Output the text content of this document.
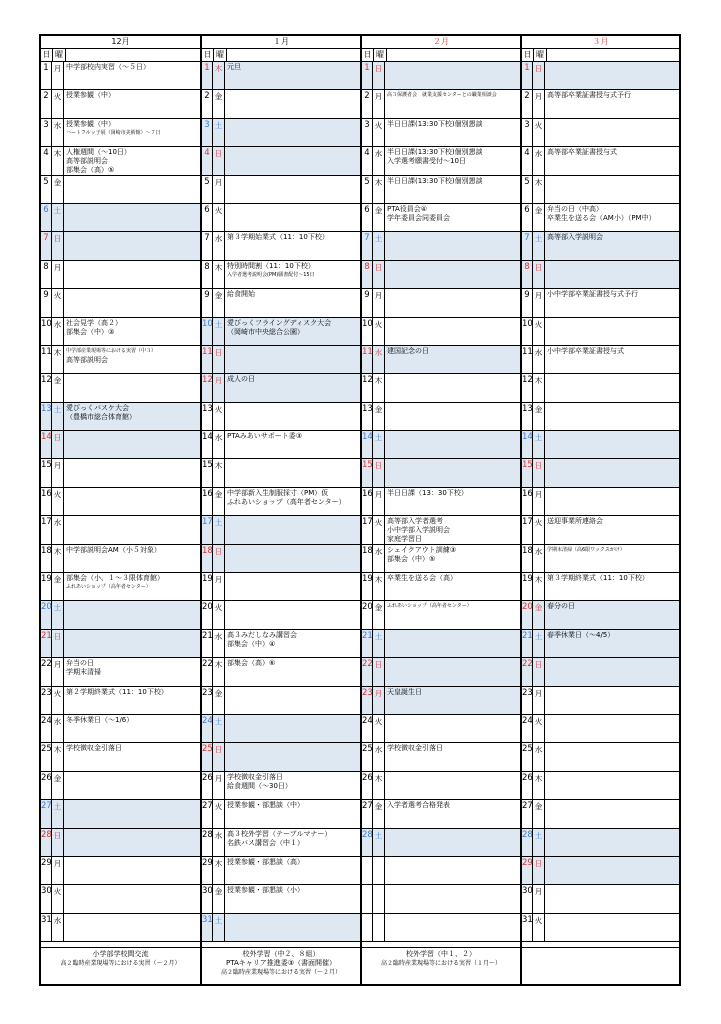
12月
日 曜
1 月 中学部校内実習（～５日）
2 火 授業参観（中）
3 水 授業参観（中）
ハートフルッ子展（岡崎市美術館）～７日
4 木 人権週間（～10日）
高等部説明会
部集会（高）⑤
5 金
6 土
7 日
8 月
9 火
10 水 社会見学（高２）
部集会（中）③
11 木 中学部産業現場等における実習（中３）
高等部説明会
12 金
13 土 愛びっくバスケ大会
（豊橋市総合体育館）
14 日
15 月
16 火
17 水
18 木 中学部説明会AM（小５対象）
19 金 部集会（小、１～３限体育館）
ふれあいショップ（高年者センター）
20 土
21 日
22 月 弁当の日
学期末清掃
23 火 第２学期終業式（11：10下校）
24 水 冬季休業日（～1/6）
25 木 学校徴収金引落日
26 金
27 土
28 日
29 月
30 火
31 水
小学部学校間交流
高２臨時産業現場等における実習（～２月）
１月
日 曜
1 木 元旦
2 金
3 土
4 日
5 月
6 火
7 水 第３学期始業式（11：10下校）
8 木 特別時間割（11：10下校）
入学者選考説明会(PM)願書配付～15日
9 金 給食開始
10 土 愛びっくフライングディスク大会
（岡崎市中央総合公園）
11 日
12 月 成人の日
13 火
14 水 PTAみあいサポート委③
15 木
16 金 中学部新入生制服採寸（PM）仮
ふれあいショップ（高年者センター）
17 土
18 日
19 月
20 火
21 水 高３みだしなみ講習会
部集会（中）④
22 木 部集会（高）⑥
23 金
24 土
25 日
26 月 学校徴収金引落日
給食週間（～30日）
27 火 授業参観・部懇談（中）
28 水 高３校外学習（テーブルマナー）
名鉄バス講習会（中１）
29 木 授業参観・部懇談（高）
30 金 授業参観・部懇談（小）
31 土
校外学習（中２、８組）
PTAキャリア推進委③（書面開催）
高２臨時産業現場等における実習（～２月）
２月
日 曜
1 日
2 月 高３保護者会　就業支援センターとの職業相談会
3 火 半日日課(13:30下校)個別懇談
4 水 半日日課(13:30下校)個別懇談
入学選考願書受付～10日
5 木 半日日課(13:30下校)個別懇談
6 金 PTA役員会④
学年委員会同委員会
7 土
8 日
9 月
10 火
11 水 建国記念の日
12 木
13 金
14 土
15 日
16 月 半日日課（13：30下校）
17 火 高等部入学者選考
小中学部入学説明会
家庭学習日
18 水 シェイクアウト訓練③
部集会（中）⑤
19 木 卒業生を送る会（高）
20 金 ふれあいショップ（高年者センター）
21 土
22 日
23 月 天皇誕生日
24 火
25 水 学校徴収金引落日
26 木
27 金 入学者選考合格発表
28 土
校外学習（中１、２）
高２臨時産業現場等における実習（１月～）
３月
日 曜
1 日
2 月 高等部卒業証書授与式予行
3 火
4 水 高等部卒業証書授与式
5 木
6 金 弁当の日（中高）
卒業生を送る会（AM小）（PM中）
7 土 高等部入学説明会
8 日
9 月 小中学部卒業証書授与式予行
10 火
11 水 小中学部卒業証書授与式
12 木
13 金
14 土
15 日
16 月
17 火 送迎事業所連絡会
18 水 学期末清掃（高6限ワックスがけ）
19 木 第３学期終業式（11：10下校）
20 金 春分の日
21 土 春季休業日（～4/5）
22 日
23 月
24 火
25 水
26 木
27 金
28 土
29 日
30 月
31 火
